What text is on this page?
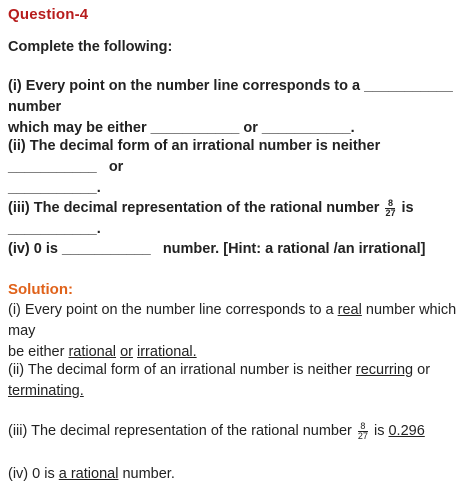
Question-4
Complete the following:
(i) Every point on the number line corresponds to a ___________ number
which may be either ___________ or ___________.
(ii) The decimal form of an irrational number is neither ___________ or
___________.
(iii) The decimal representation of the rational number $\frac{8}{27}$ is ___________.
(iv) 0 is ___________ number. [Hint: a rational /an irrational]
Solution:
(i) Every point on the number line corresponds to a real number which may
be either rational or irrational.
(ii) The decimal form of an irrational number is neither recurring or
terminating.
(iii) The decimal representation of the rational number $\frac{8}{27}$ is 0.296
(iv) 0 is a rational number.
